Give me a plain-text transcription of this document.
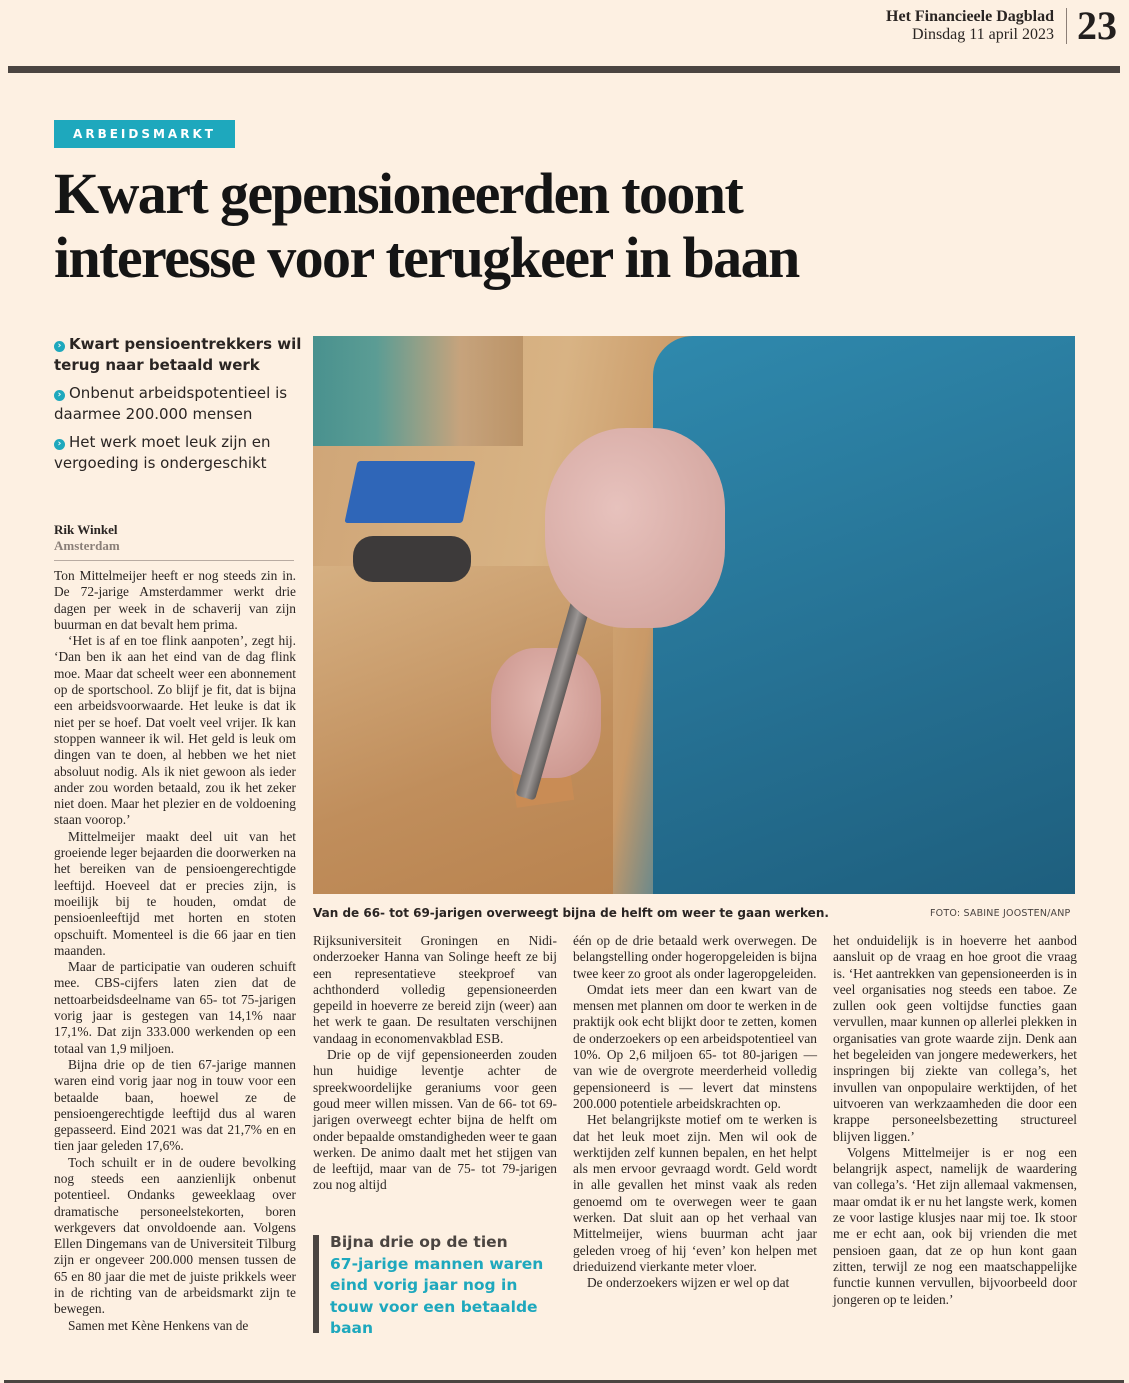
Het Financieele Dagblad
Dinsdag 11 april 2023 23
ARBEIDSMARKT
Kwart gepensioneerden toont interesse voor terugkeer in baan
› Kwart pensioentrekkers wil terug naar betaald werk
› Onbenut arbeidspotentieel is daarmee 200.000 mensen
› Het werk moet leuk zijn en vergoeding is ondergeschikt
Rik Winkel
Amsterdam

Ton Mittelmeijer heeft er nog steeds zin in. De 72-jarige Amsterdammer werkt drie dagen per week in de schaverij van zijn buurman en dat bevalt hem prima.

‘Het is af en toe flink aanpoten’, zegt hij. ‘Dan ben ik aan het eind van de dag flink moe. Maar dat scheelt weer een abonnement op de sportschool. Zo blijf je fit, dat is bijna een arbeidsvoorwaarde. Het leuke is dat ik niet per se hoef. Dat voelt veel vrijer. Ik kan stoppen wanneer ik wil. Het geld is leuk om dingen van te doen, al hebben we het niet absoluut nodig. Als ik niet gewoon als ieder ander zou worden betaald, zou ik het zeker niet doen. Maar het plezier en de voldoening staan voorop.’

Mittelmeijer maakt deel uit van het groeiende leger bejaarden die doorwerken na het bereiken van de pensioengerechtigde leeftijd. Hoeveel dat er precies zijn, is moeilijk bij te houden, omdat de pensioenleeftijd met horten en stoten opschuift. Momenteel is die 66 jaar en tien maanden.

Maar de participatie van ouderen schuift mee. CBS-cijfers laten zien dat de nettoarbeidsdeelname van 65- tot 75-jarigen vorig jaar is gestegen van 14,1% naar 17,1%. Dat zijn 333.000 werkenden op een totaal van 1,9 miljoen.

Bijna drie op de tien 67-jarige mannen waren eind vorig jaar nog in touw voor een betaalde baan, hoewel ze de pensioengerechtigde leeftijd dus al waren gepasseerd. Eind 2021 was dat 21,7% en en tien jaar geleden 17,6%.

Toch schuilt er in de oudere bevolking nog steeds een aanzienlijk onbenut potentieel. Ondanks geweeklaag over dramatische personeelstekorten, boren werkgevers dat onvoldoende aan. Volgens Ellen Dingemans van de Universiteit Tilburg zijn er ongeveer 200.000 mensen tussen de 65 en 80 jaar die met de juiste prikkels weer in de richting van de arbeidsmarkt zijn te bewegen.

Samen met Kène Henkens van de

Van de 66- tot 69-jarigen overweegt bijna de helft om weer te gaan werken.	FOTO: SABINE JOOSTEN/ANP

Rijksuniversiteit Groningen en Nidi-onderzoeker Hanna van Solinge heeft ze bij een representatieve steekproef van achthonderd volledig gepensioneerden gepeild in hoeverre ze bereid zijn (weer) aan het werk te gaan. De resultaten verschijnen vandaag in economenvakblad ESB.

Drie op de vijf gepensioneerden zouden hun huidige leventje achter de spreekwoordelijke geraniums voor geen goud meer willen missen. Van de 66- tot 69-jarigen overweegt echter bijna de helft om onder bepaalde omstandigheden weer te gaan werken. De animo daalt met het stijgen van de leeftijd, maar van de 75- tot 79-jarigen zou nog altijd

Bijna drie op de tien
67-jarige mannen waren eind vorig jaar nog in touw voor een betaalde baan

één op de drie betaald werk overwegen. De belangstelling onder hogeropgeleiden is bijna twee keer zo groot als onder lageropgeleiden.

Omdat iets meer dan een kwart van de mensen met plannen om door te werken in de praktijk ook echt blijkt door te zetten, komen de onderzoekers op een arbeidspotentieel van 10%. Op 2,6 miljoen 65- tot 80-jarigen — van wie de overgrote meerderheid volledig gepensioneerd is — levert dat minstens 200.000 potentiele arbeidskrachten op.

Het belangrijkste motief om te werken is dat het leuk moet zijn. Men wil ook de werktijden zelf kunnen bepalen, en het helpt als men ervoor gevraagd wordt. Geld wordt in alle gevallen het minst vaak als reden genoemd om te overwegen weer te gaan werken. Dat sluit aan op het verhaal van Mittelmeijer, wiens buurman acht jaar geleden vroeg of hij ‘even’ kon helpen met drieduizend vierkante meter vloer.

De onderzoekers wijzen er wel op dat

het onduidelijk is in hoeverre het aanbod aansluit op de vraag en hoe groot die vraag is. ‘Het aantrekken van gepensioneerden is in veel organisaties nog steeds een taboe. Ze zullen ook geen voltijdse functies gaan vervullen, maar kunnen op allerlei plekken in organisaties van grote waarde zijn. Denk aan het begeleiden van jongere medewerkers, het inspringen bij ziekte van collega’s, het invullen van onpopulaire werktijden, of het uitvoeren van werkzaamheden die door een krappe personeelsbezetting structureel blijven liggen.’

Volgens Mittelmeijer is er nog een belangrijk aspect, namelijk de waardering van collega’s. ‘Het zijn allemaal vakmensen, maar omdat ik er nu het langste werk, komen ze voor lastige klusjes naar mij toe. Ik stoor me er echt aan, ook bij vrienden die met pensioen gaan, dat ze op hun kont gaan zitten, terwijl ze nog een maatschappelijke functie kunnen vervullen, bijvoorbeeld door jongeren op te leiden.’
